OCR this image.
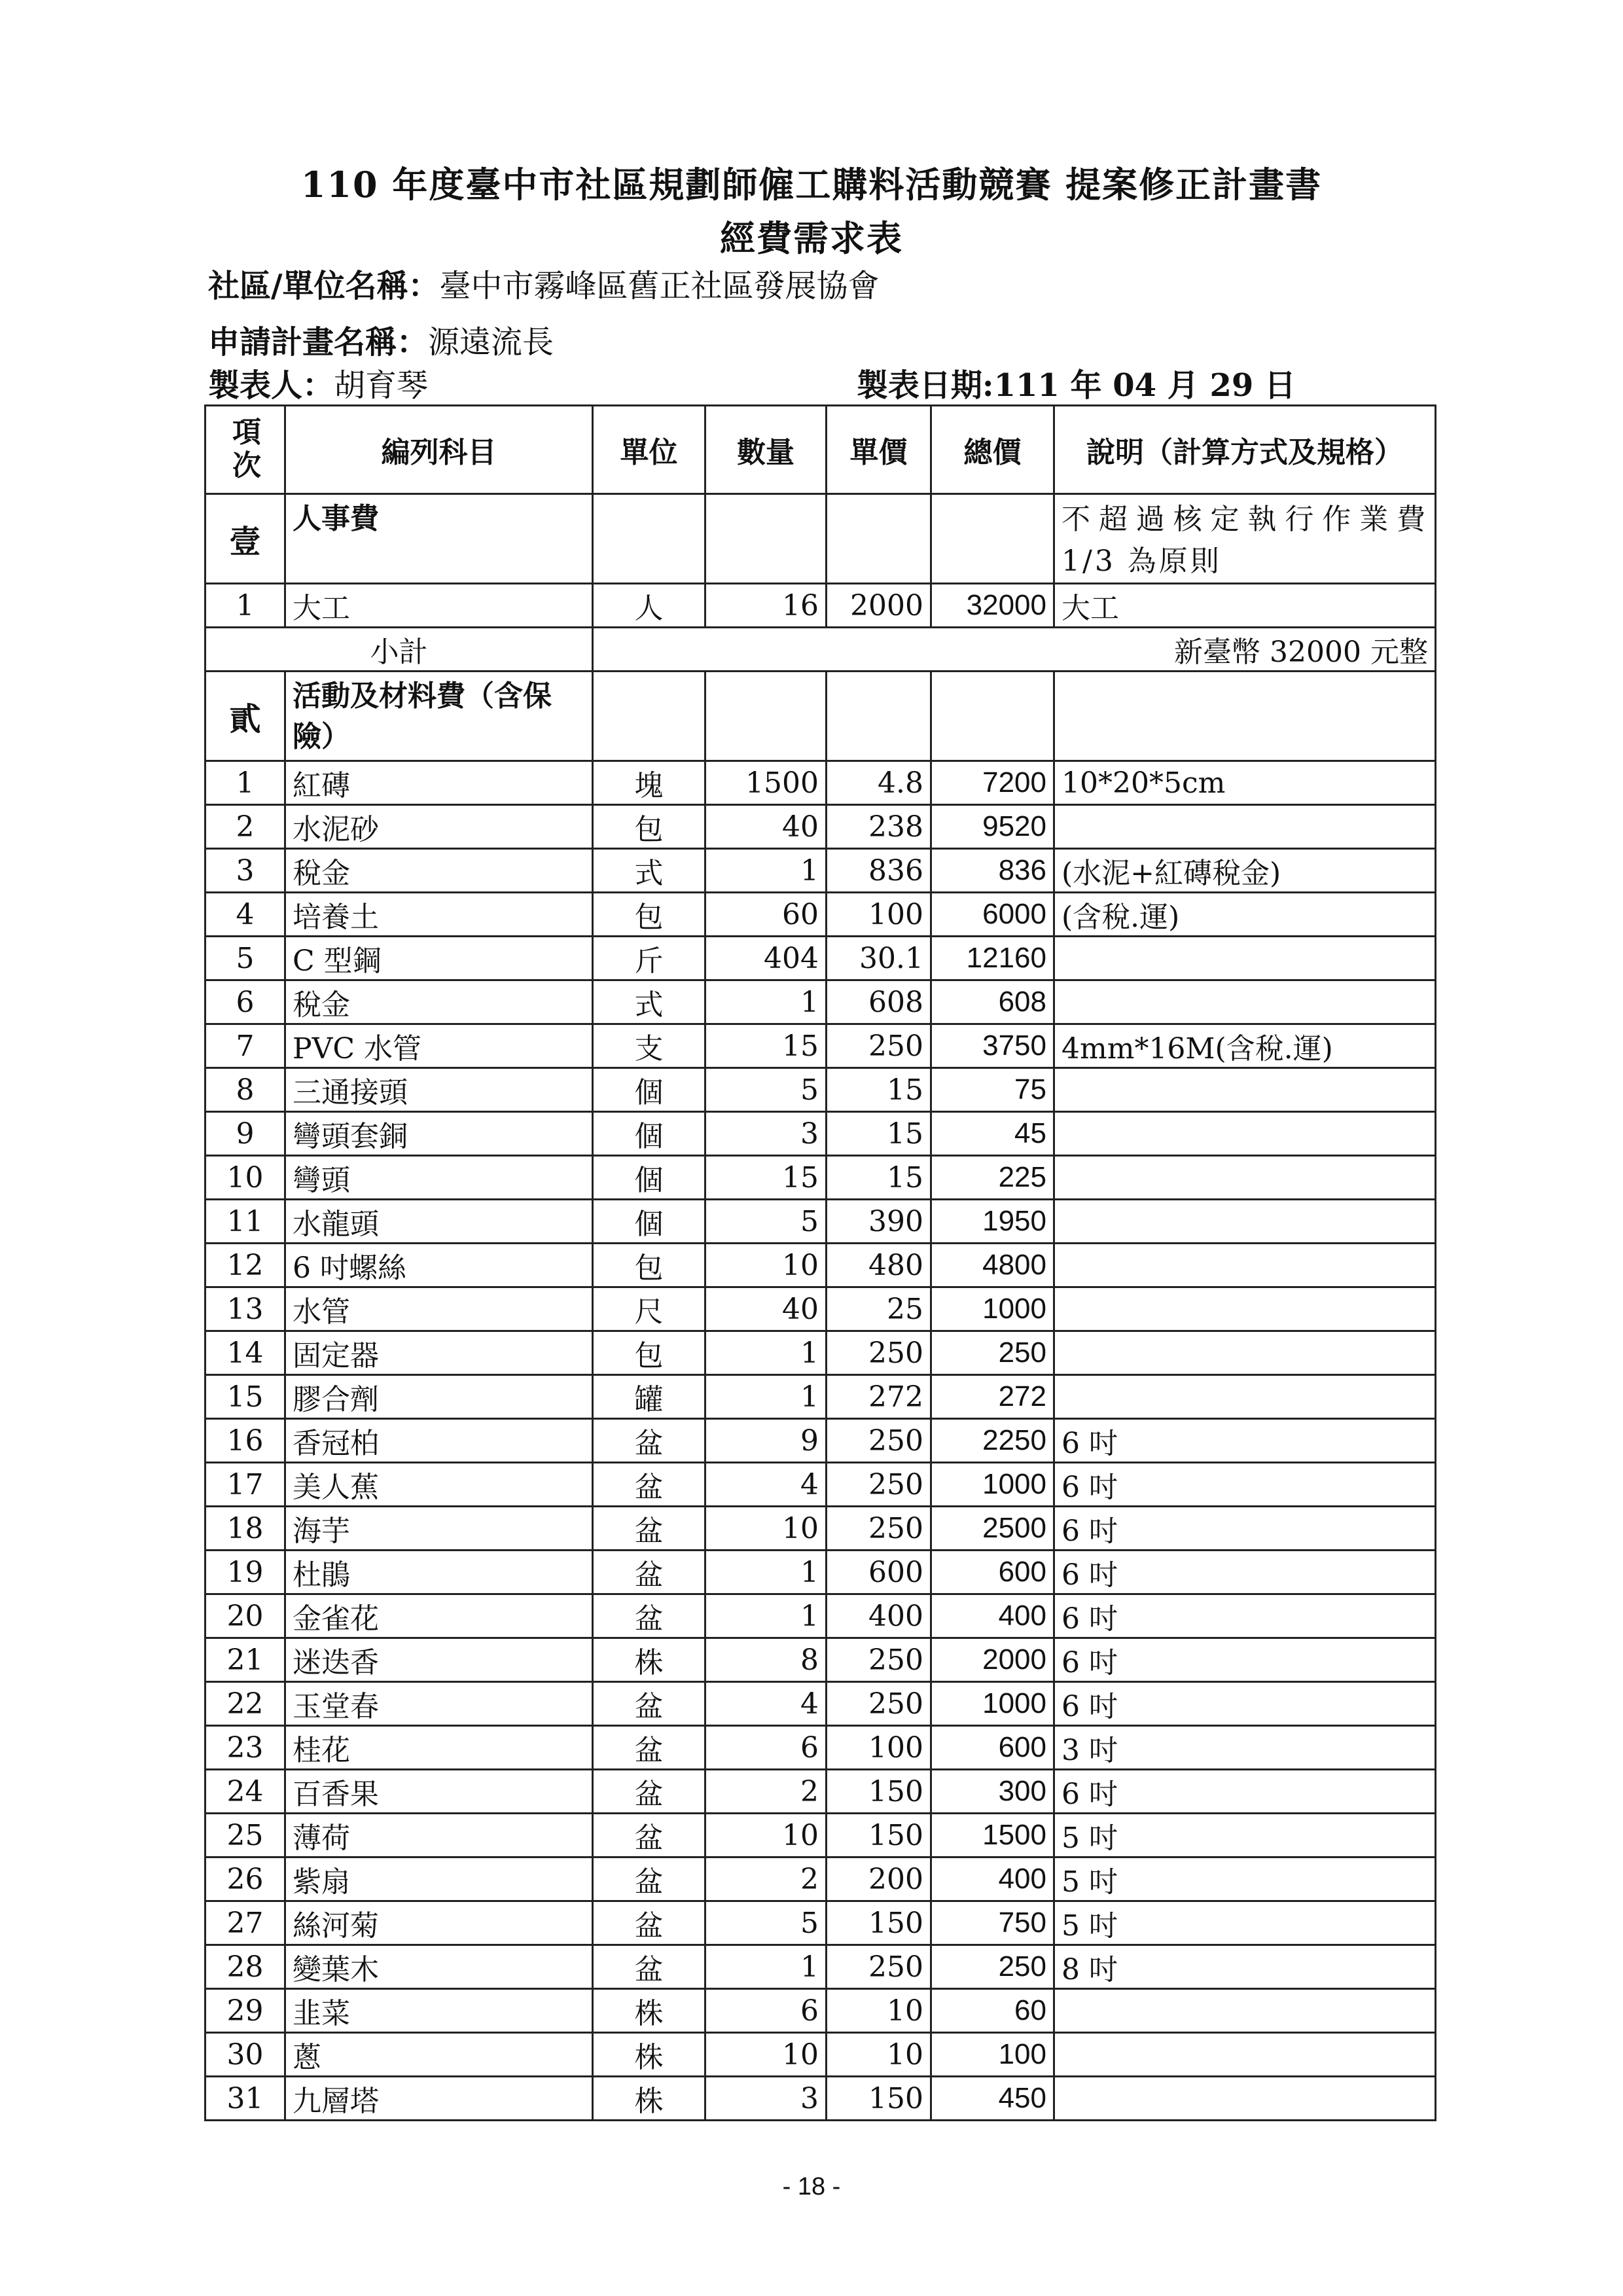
110 年度臺中市社區規劃師僱工購料活動競賽 提案修正計畫書
經費需求表
社區/單位名稱：臺中市霧峰區舊正社區發展協會
申請計畫名稱：源遠流長
製表人：胡育琴	製表日期:111 年 04 月 29 日
項次	編列科目	單位	數量	單價	總價	說明（計算方式及規格）
壹	人事費					不超過核定執行作業費 1/3 為原則
1	大工	人	16	2000	32000	大工
小計		新臺幣 32000 元整				
貳	活動及材料費（含保險）					
1	紅磚	塊	1500	4.8	7200	10*20*5cm
2	水泥砂	包	40	238	9520	
3	稅金	式	1	836	836	(水泥+紅磚稅金)
4	培養土	包	60	100	6000	(含稅.運)
5	C 型鋼	斤	404	30.1	12160	
6	稅金	式	1	608	608	
7	PVC 水管	支	15	250	3750	4mm*16M(含稅.運)
8	三通接頭	個	5	15	75	
9	彎頭套銅	個	3	15	45	
10	彎頭	個	15	15	225	
11	水龍頭	個	5	390	1950	
12	6 吋螺絲	包	10	480	4800	
13	水管	尺	40	25	1000	
14	固定器	包	1	250	250	
15	膠合劑	罐	1	272	272	
16	香冠柏	盆	9	250	2250	6 吋
17	美人蕉	盆	4	250	1000	6 吋
18	海芋	盆	10	250	2500	6 吋
19	杜鵑	盆	1	600	600	6 吋
20	金雀花	盆	1	400	400	6 吋
21	迷迭香	株	8	250	2000	6 吋
22	玉堂春	盆	4	250	1000	6 吋
23	桂花	盆	6	100	600	3 吋
24	百香果	盆	2	150	300	6 吋
25	薄荷	盆	10	150	1500	5 吋
26	紫扇	盆	2	200	400	5 吋
27	絲河菊	盆	5	150	750	5 吋
28	變葉木	盆	1	250	250	8 吋
29	韭菜	株	6	10	60	
30	蔥	株	10	10	100	
31	九層塔	株	3	150	450	
- 18 -
